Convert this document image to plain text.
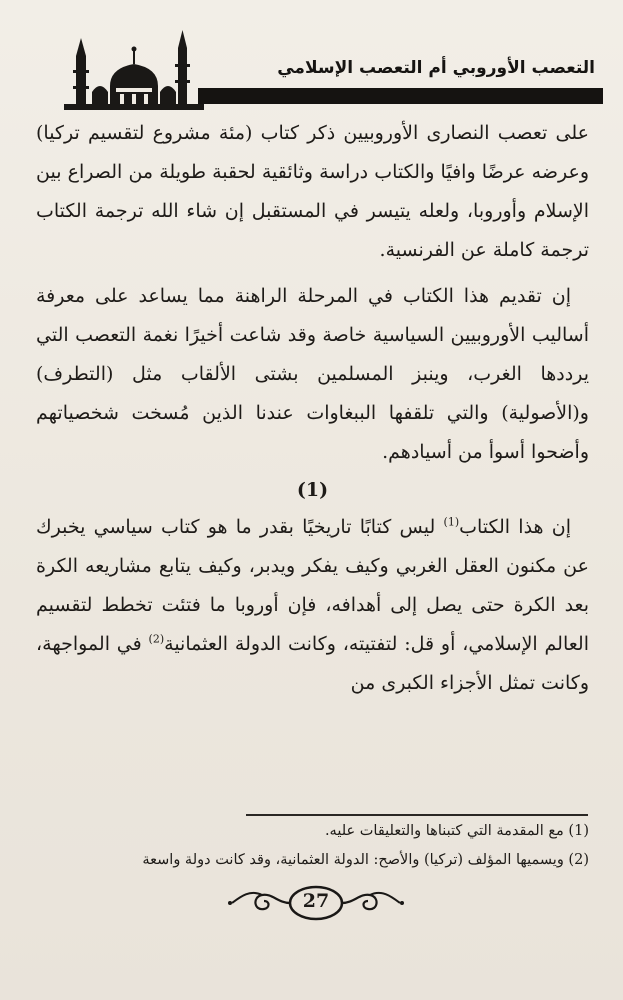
التعصب الأوروبي أم التعصب الإسلامي

على تعصب النصارى الأوروبيين ذكر كتاب (مئة مشروع لتقسيم تركيا) وعرضه عرضًا وافيًا والكتاب دراسة وثائقية لحقبة طويلة من الصراع بين الإسلام وأوروبا، ولعله يتيسر في المستقبل إن شاء الله ترجمة الكتاب ترجمة كاملة عن الفرنسية.

إن تقديم هذا الكتاب في المرحلة الراهنة مما يساعد على معرفة أساليب الأوروبيين السياسية خاصة وقد شاعت أخيرًا نغمة التعصب التي يرددها الغرب، وينبز المسلمين بشتى الألقاب مثل (التطرف) و(الأصولية) والتي تلقفها الببغاوات عندنا الذين مُسخت شخصياتهم وأضحوا أسوأ من أسيادهم.

(1)

إن هذا الكتاب$^{(1)}$ ليس كتابًا تاريخيًا بقدر ما هو كتاب سياسي يخبرك عن مكنون العقل الغربي وكيف يفكر ويدبر، وكيف يتابع مشاريعه الكرة بعد الكرة حتى يصل إلى أهدافه، فإن أوروبا ما فتئت تخطط لتقسيم العالم الإسلامي، أو قل: لتفتيته، وكانت الدولة العثمانية$^{(2)}$ في المواجهة، وكانت تمثل الأجزاء الكبرى من

(1) مع المقدمة التي كتبناها والتعليقات عليه.

(2) ويسميها المؤلف (تركيا) والأصح: الدولة العثمانية، وقد كانت دولة واسعة

27
